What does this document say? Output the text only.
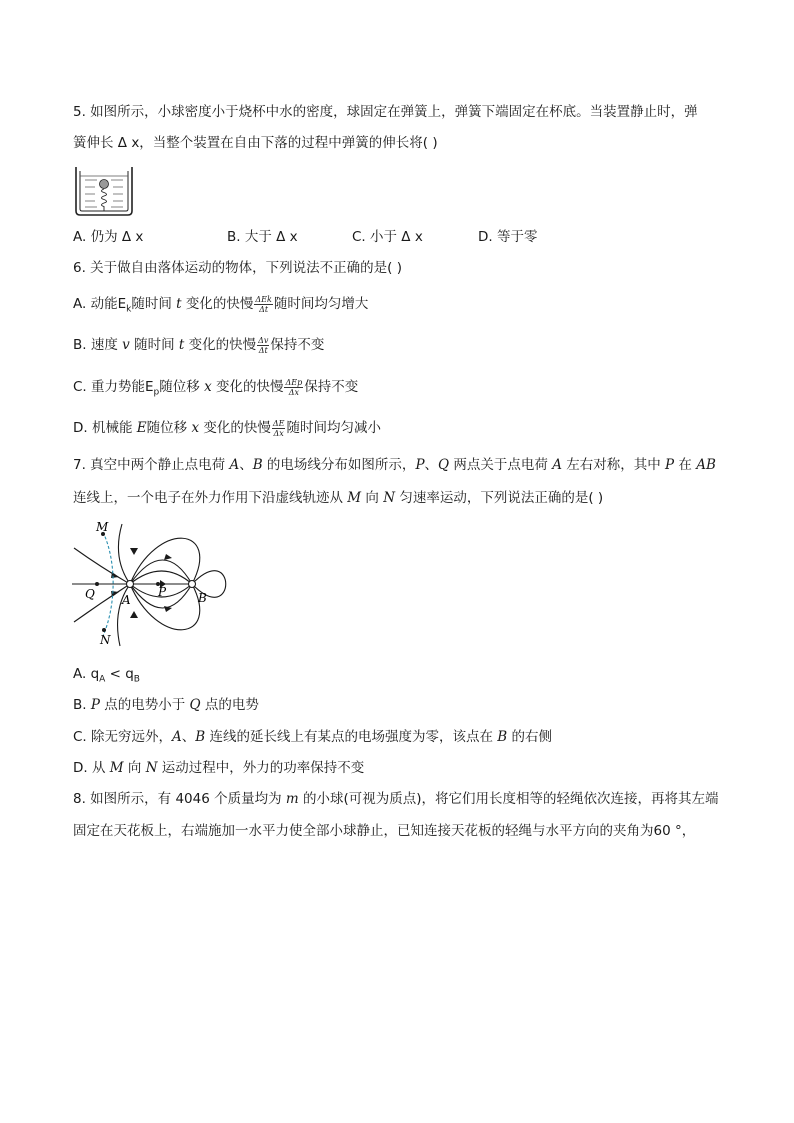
5. 如图所示，小球密度小于烧杯中水的密度，球固定在弹簧上，弹簧下端固定在杯底。当装置静止时，弹
簧伸长 Δ x，当整个装置在自由下落的过程中弹簧的伸长将( )
A. 仍为 Δ x	B. 大于 Δ x	C. 小于 Δ x	D. 等于零
6. 关于做自由落体运动的物体，下列说法不正确的是( )
A. 动能$E_k$随时间 t 变化的快慢 $\frac{\text{ΔEk}}{\Delta t}$ 随时间均匀增大
B. 速度 v 随时间 t 变化的快慢 $\frac{\Delta v}{\Delta t}$ 保持不变
C. 重力势能$E_p$随位移 x 变化的快慢 $\frac{\text{ΔEp}}{\Delta x}$ 保持不变
D. 机械能 E随位移 x 变化的快慢 $\frac{\Delta E}{\Delta x}$ 随时间均匀减小
7. 真空中两个静止点电荷 A、B 的电场线分布如图所示，P、Q 两点关于点电荷 A 左右对称，其中 P 在 AB
连线上，一个电子在外力作用下沿虚线轨迹从 M 向 N 匀速率运动，下列说法正确的是( )
M
Q A
P	B
N
A. $q_A < q_B$
B. P 点的电势小于 Q 点的电势
C. 除无穷远外，A、B 连线的延长线上有某点的电场强度为零，该点在 B 的右侧
D. 从 M 向 N 运动过程中，外力的功率保持不变
8. 如图所示，有 4046 个质量均为 m 的小球(可视为质点)，将它们用长度相等的轻绳依次连接，再将其左端
固定在天花板上，右端施加一水平力使全部小球静止，已知连接天花板的轻绳与水平方向的夹角为60 °，
